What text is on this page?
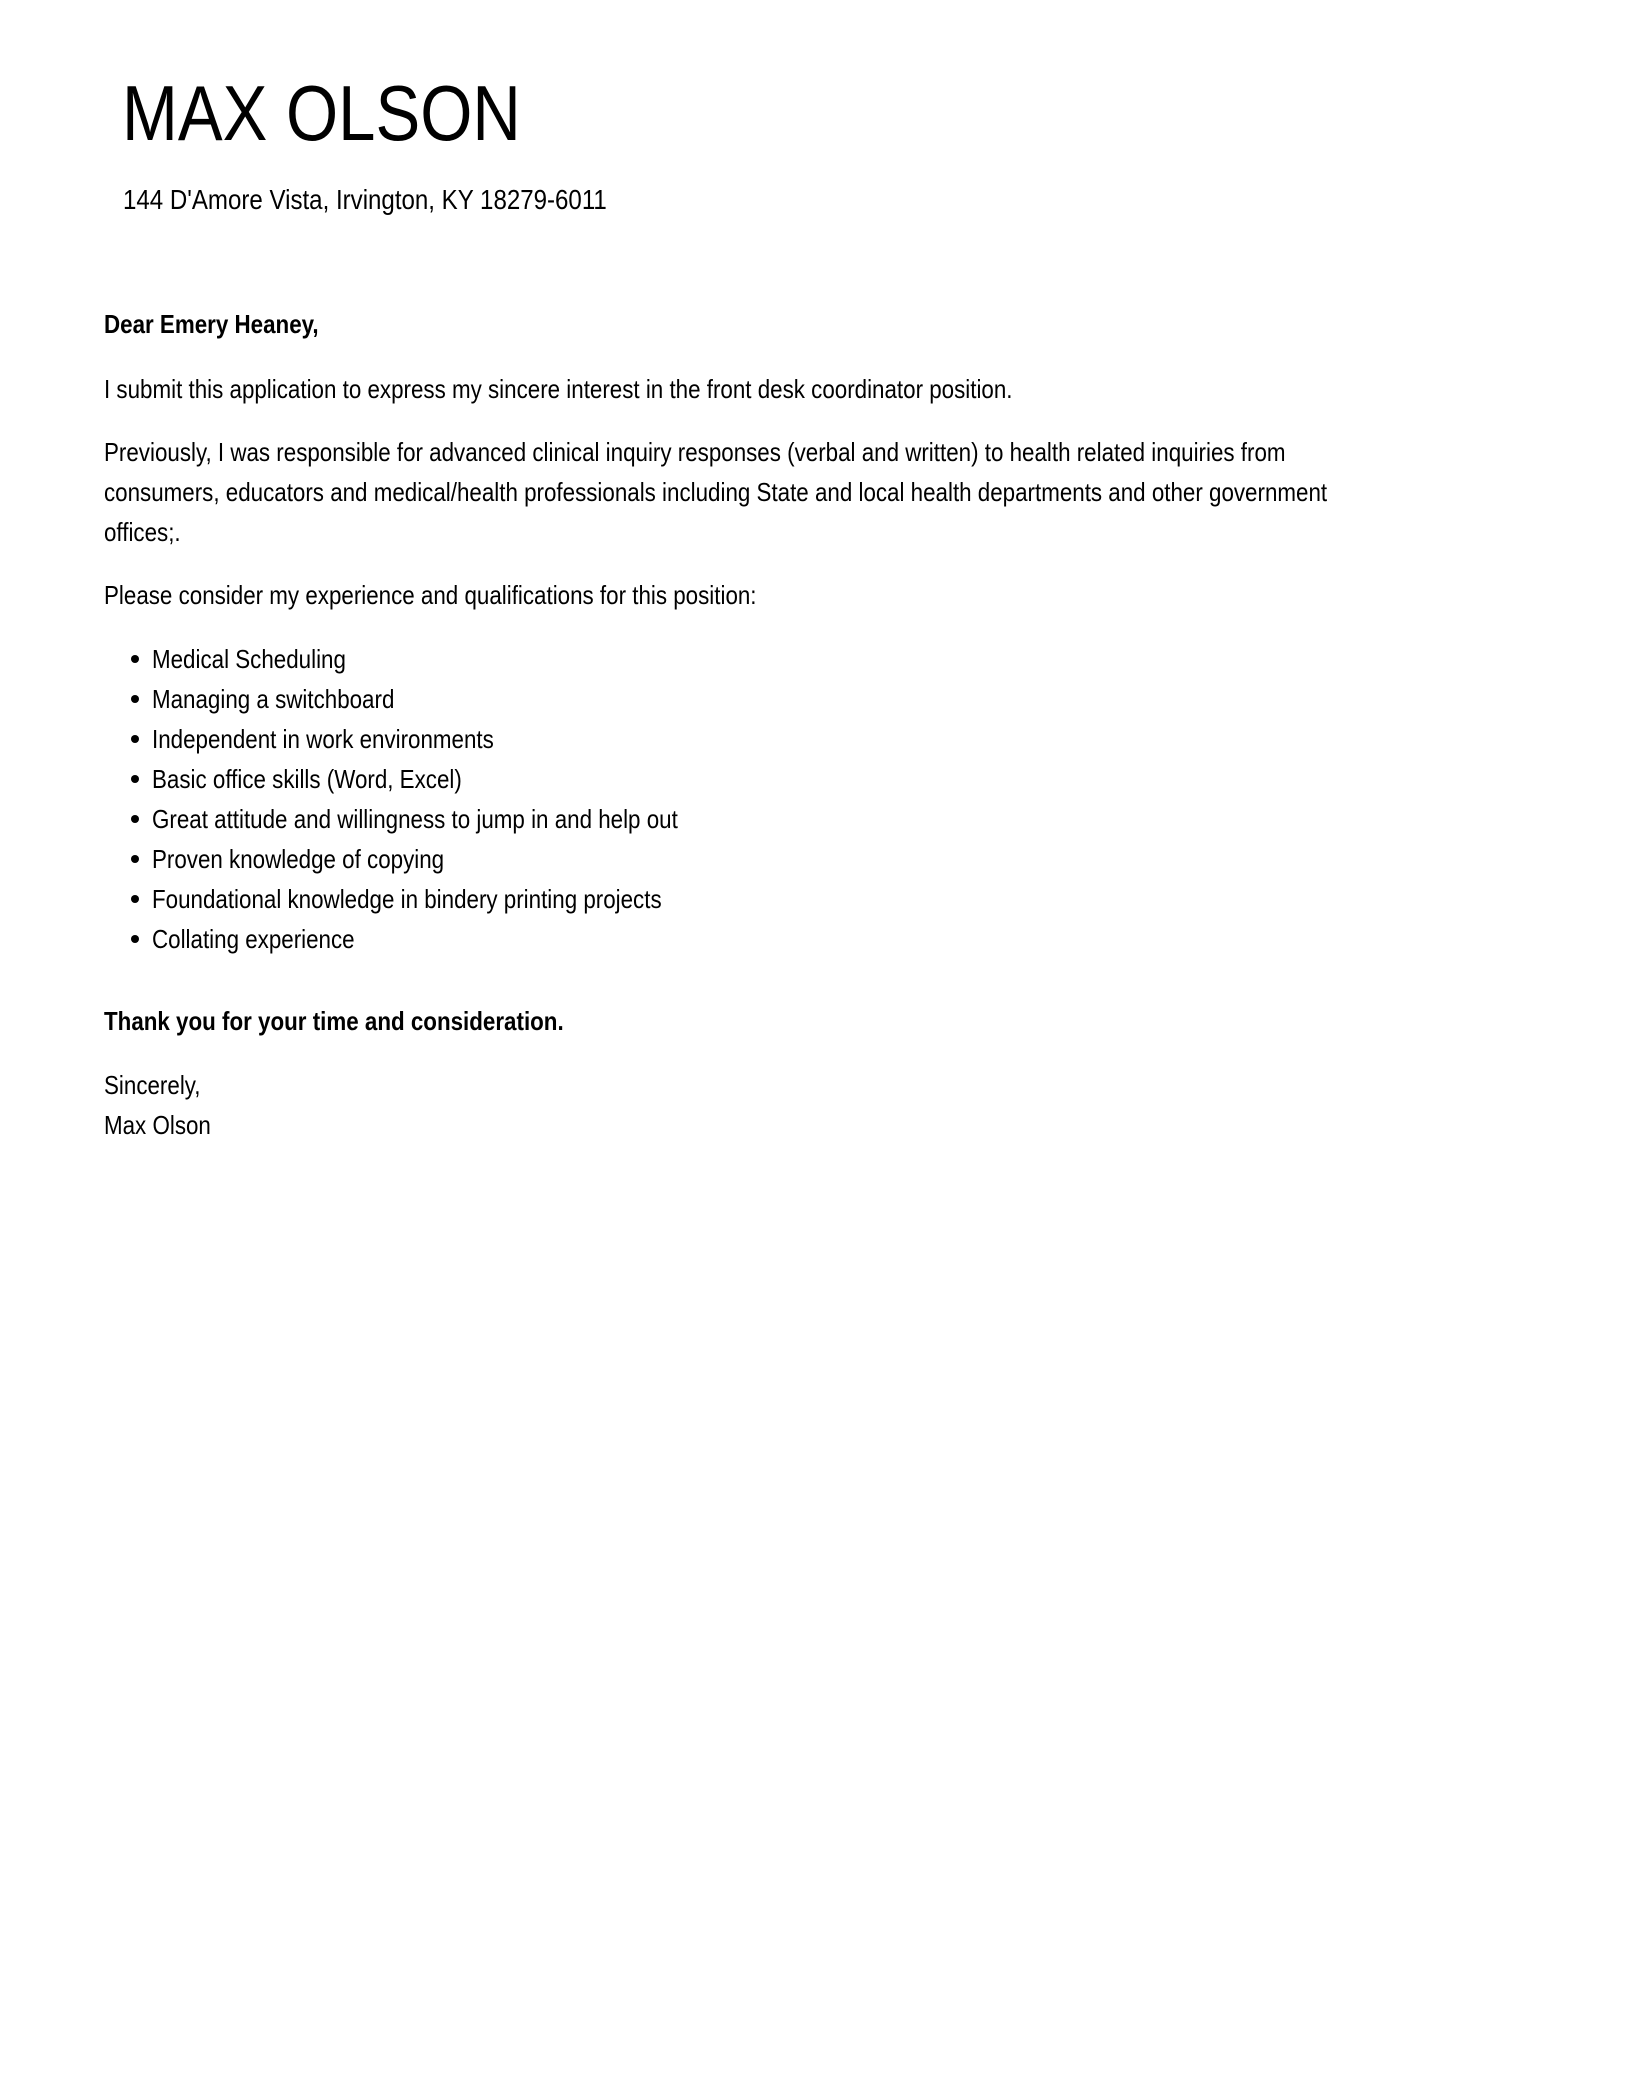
MAX OLSON
144 D'Amore Vista, Irvington, KY 18279-6011
Dear Emery Heaney,
I submit this application to express my sincere interest in the front desk coordinator position.
Previously, I was responsible for advanced clinical inquiry responses (verbal and written) to health related inquiries from
consumers, educators and medical/health professionals including State and local health departments and other government
offices;.
Please consider my experience and qualifications for this position:
Medical Scheduling
Managing a switchboard
Independent in work environments
Basic office skills (Word, Excel)
Great attitude and willingness to jump in and help out
Proven knowledge of copying
Foundational knowledge in bindery printing projects
Collating experience
Thank you for your time and consideration.
Sincerely,
Max Olson
